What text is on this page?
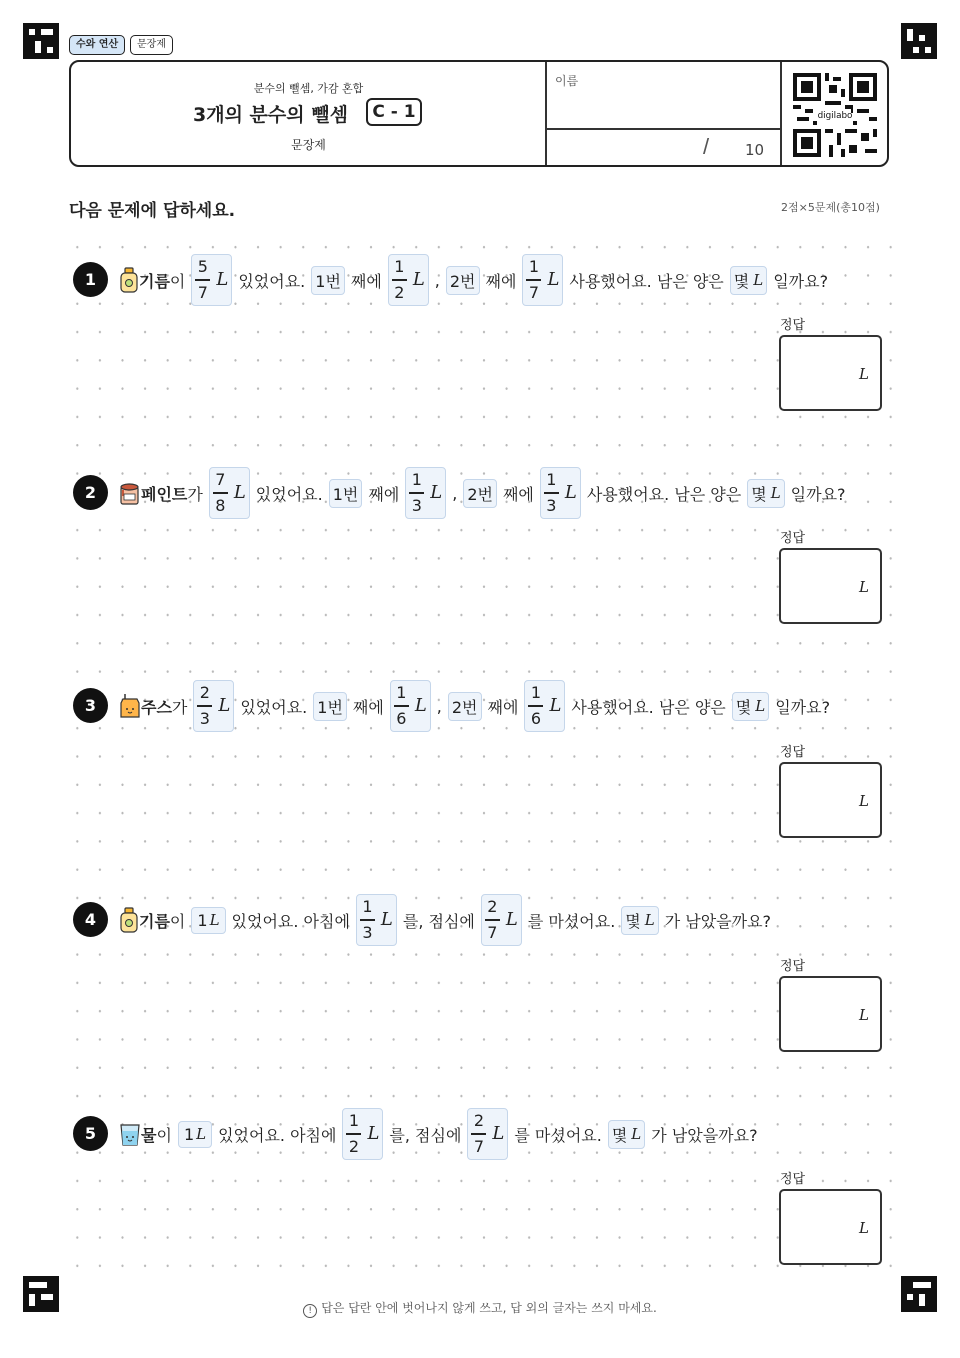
수와 연산	문장제
분수의 뺄셈, 가감 혼합
3개의 분수의 뺄셈	C - 1
문장제
이름
/ 10
digilabo
다음 문제에 답하세요.	2점×5문제(총10점)
1	기름 이 $\frac{5}{7}$ L 있었어요. 1번 째에 $\frac{1}{2}$ L , 2번 째에 $\frac{1}{7}$ L 사용했어요. 남은 양은 몇 L 일까요?
정답
L
2	페인트 가 $\frac{7}{8}$ L 있었어요. 1번 째에 $\frac{1}{3}$ L , 2번 째에 $\frac{1}{3}$ L 사용했어요. 남은 양은 몇 L 일까요?
정답
L
3	주스 가 $\frac{2}{3}$ L 있었어요. 1번 째에 $\frac{1}{6}$ L , 2번 째에 $\frac{1}{6}$ L 사용했어요. 남은 양은 몇 L 일까요?
정답
L
4	기름 이 1 L 있었어요. 아침에 $\frac{1}{3}$ L 를, 점심에 $\frac{2}{7}$ L 를 마셨어요. 몇 L 가 남았을까요?
정답
L
5	물 이 1 L 있었어요. 아침에 $\frac{1}{2}$ L 를, 점심에 $\frac{2}{7}$ L 를 마셨어요. 몇 L 가 남았을까요?
정답
L
! 답은 답란 안에 벗어나지 않게 쓰고, 답 외의 글자는 쓰지 마세요.
